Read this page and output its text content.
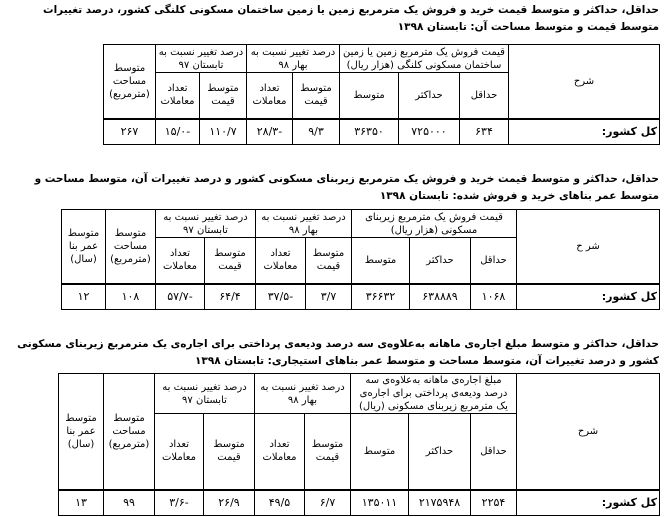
حداقل، حداکثر و متوسط قیمت خرید و فروش یک مترمربع زمین یا زمین ساختمان مسکونی کلنگی کشور، درصد تغییرات متوسط قیمت و متوسط مساحت آن: تابستان ۱۳۹۸
شرح	قیمت فروش یک مترمربع زمین یا زمین ساختمان مسکونی کلنگی (هزار ریال)			درصد تغییر نسبت به بهار ۹۸		درصد تغییر نسبت به تابستان ۹۷		متوسط مساحت (مترمربع)	
	حداقل	حداکثر	متوسط	متوسط قیمت	تعداد معاملات	متوسط قیمت	تعداد معاملات		
کل کشور:	۶۳۴	۷۲۵۰۰۰	۳۶۳۵۰	۹/۳	-۲۸/۳	۱۱۰/۷	-۱۵/۰	۲۶۷	
حداقل، حداکثر و متوسط قیمت خرید و فروش یک مترمربع زیربنای مسکونی کشور و درصد تغییرات آن، متوسط مساحت و متوسط عمر بناهای خرید و فروش شده: تابستان ۱۳۹۸
شر ح	قیمت فروش یک مترمربع زیربنای مسکونی (هزار ریال)			درصد تغییر نسبت به بهار ۹۸		درصد تغییر نسبت به تابستان ۹۷		متوسط مساحت (مترمربع)	متوسط عمر بنا (سال)	
	حداقل	حداکثر	متوسط	متوسط قیمت	تعداد معاملات	متوسط قیمت	تعداد معاملات			
کل کشور:	۱۰۶۸	۶۳۸۸۸۹	۳۶۶۳۲	۳/۷	-۳۷/۵	۶۴/۴	-۵۷/۷	۱۰۸	۱۲	
حداقل، حداکثر و متوسط مبلغ اجاره‌ی ماهانه به‌علاوه‌ی سه درصد ودیعه‌ی پرداختی برای اجاره‌ی یک مترمربع زیربنای مسکونی کشور و درصد تغییرات آن، متوسط مساحت و متوسط عمر بناهای استیجاری: تابستان ۱۳۹۸
شرح	مبلغ اجاره‌ی ماهانه به‌علاوه‌ی سه درصد ودیعه‌ی پرداختی برای اجاره‌ی یک مترمربع زیربنای مسکونی (ریال)			درصد تغییر نسبت به بهار ۹۸		درصد تغییر نسبت به تابستان ۹۷		متوسط مساحت (مترمربع)	متوسط عمر بنا (سال)	
	حداقل	حداکثر	متوسط	متوسط قیمت	تعداد معاملات	متوسط قیمت	تعداد معاملات			
کل کشور:	۲۲۵۴	۲۱۷۵۹۴۸	۱۳۵۰۱۱	۶/۷	۴۹/۵	۲۶/۹	-۳/۶	۹۹	۱۳	
